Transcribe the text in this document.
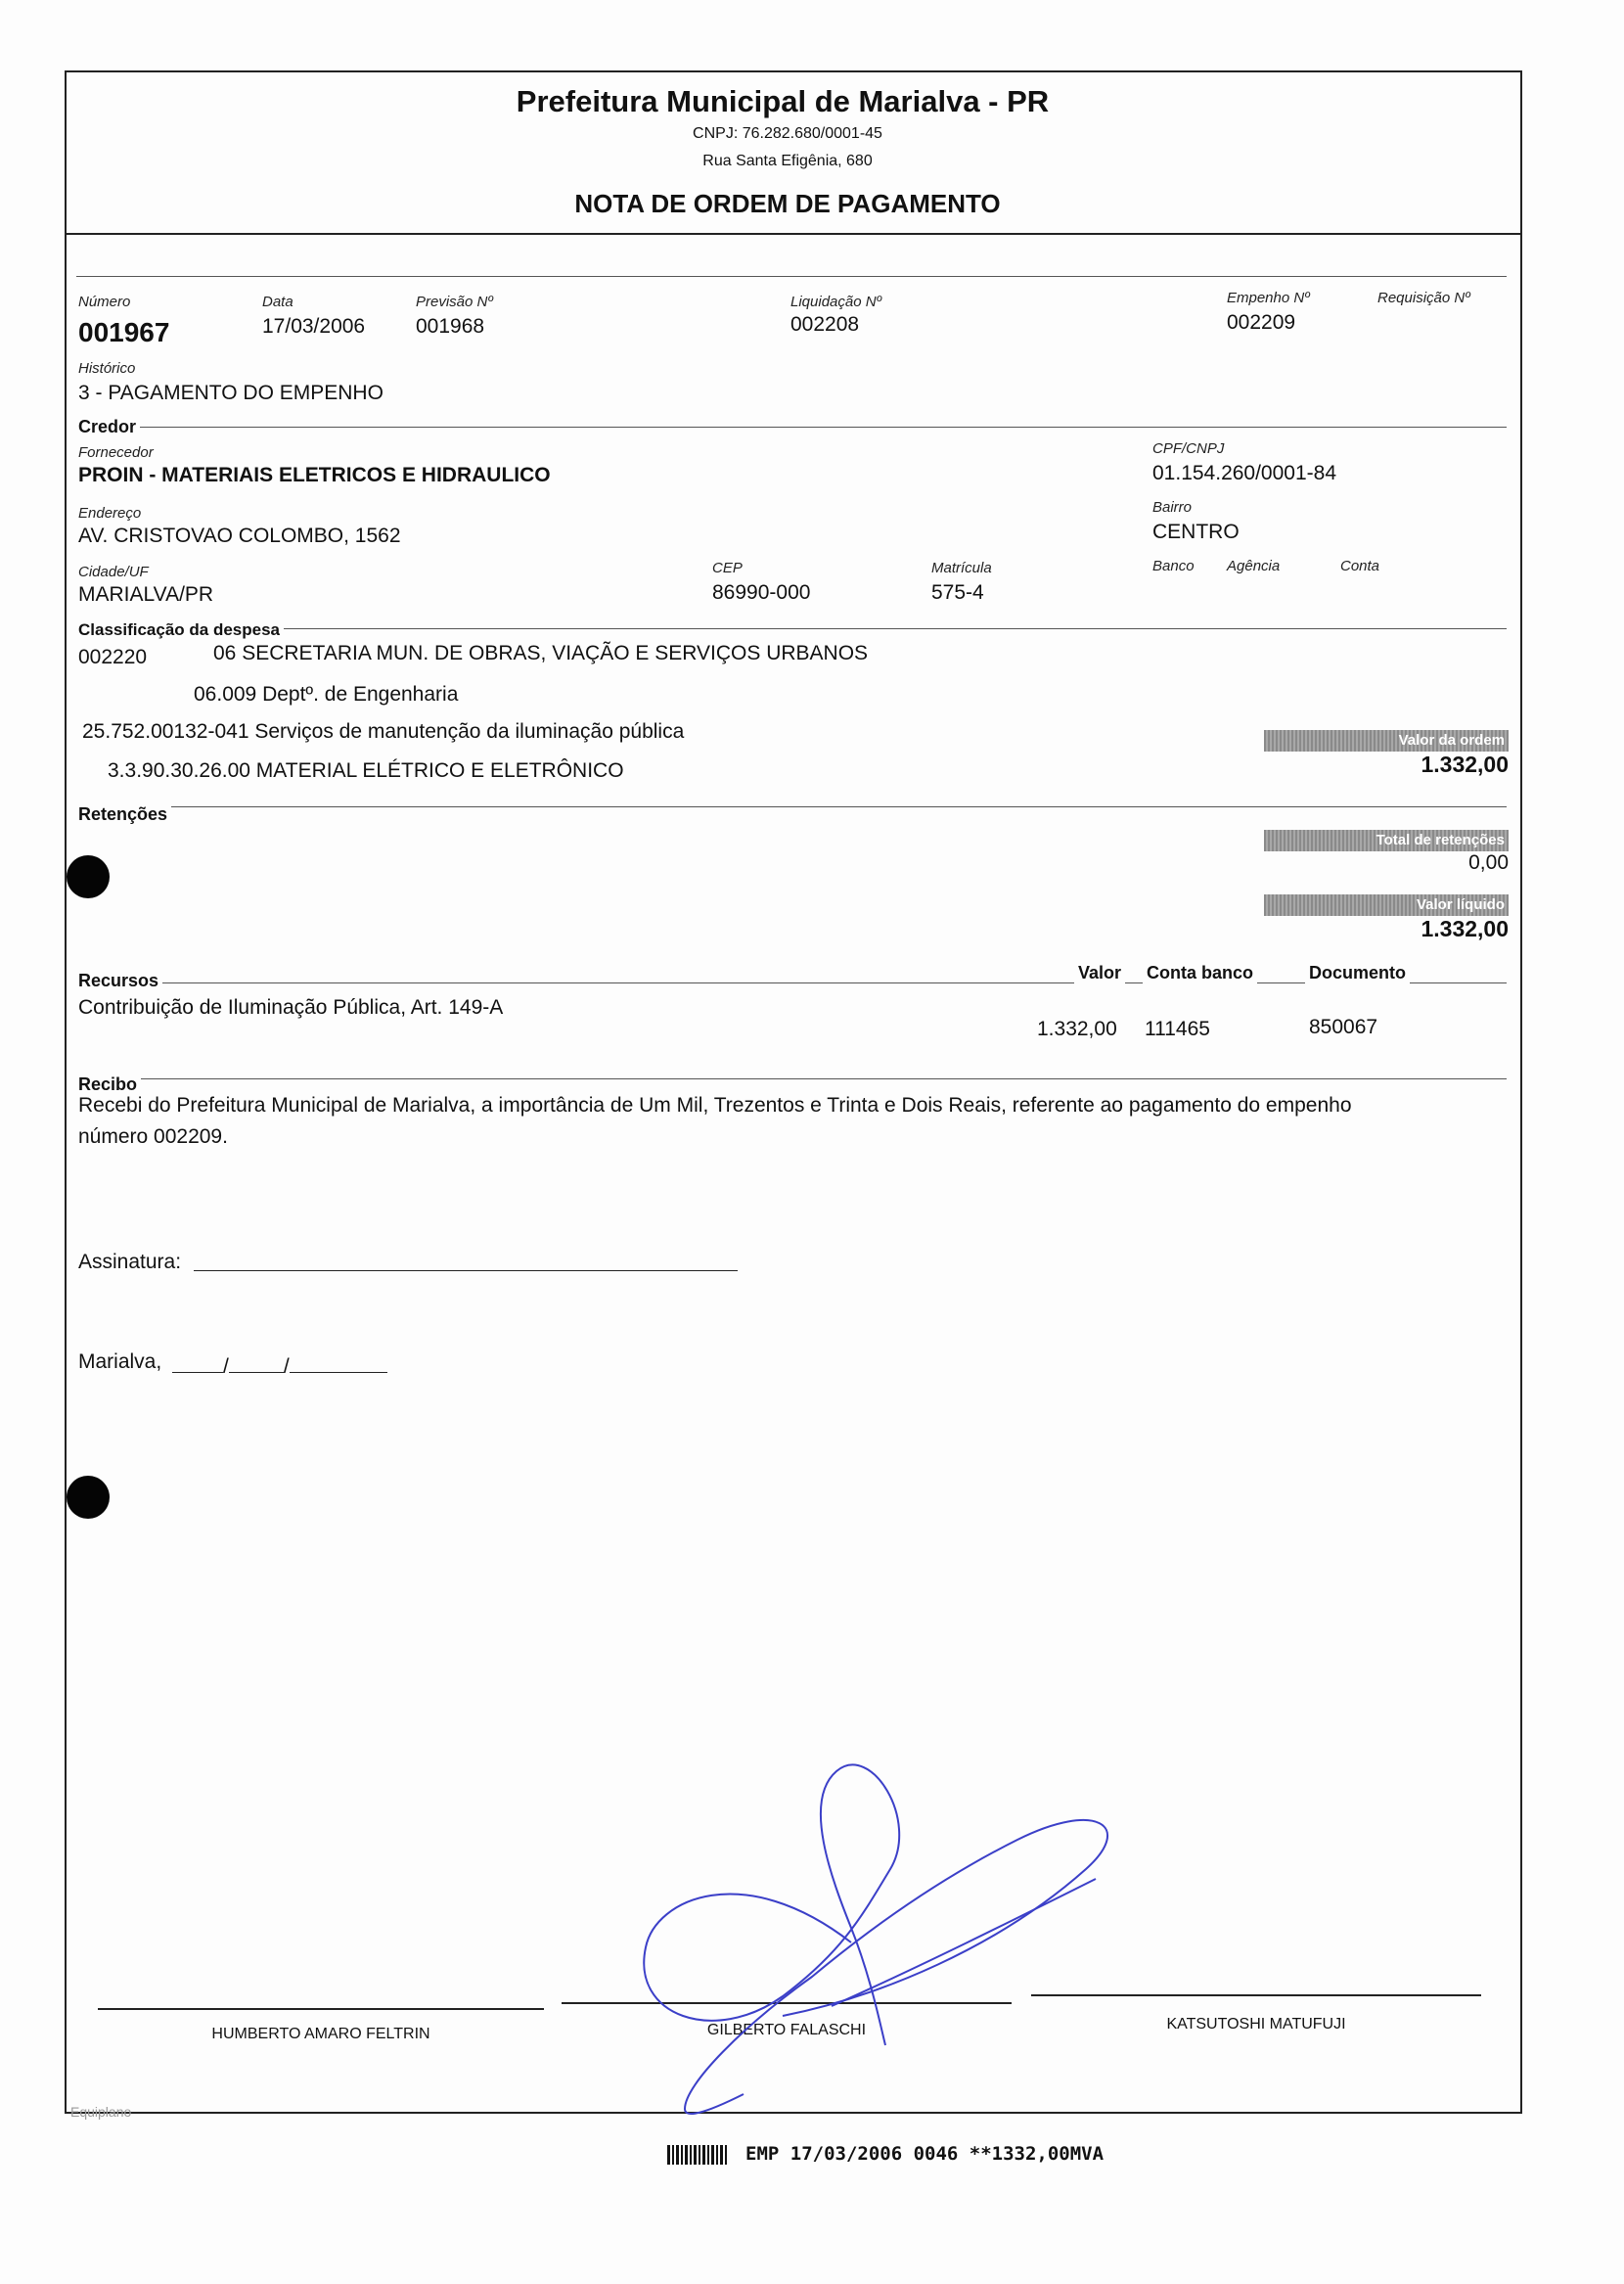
Prefeitura Municipal de Marialva - PR
CNPJ: 76.282.680/0001-45
Rua Santa Efigênia, 680
NOTA DE ORDEM DE PAGAMENTO
Número
001967
Data
17/03/2006
Previsão Nº
001968
Liquidação Nº
002208
Empenho Nº
002209
Requisição Nº
Histórico
3 - PAGAMENTO DO EMPENHO
Credor
Fornecedor
PROIN - MATERIAIS ELETRICOS E HIDRAULICO
CPF/CNPJ
01.154.260/0001-84
Endereço
AV. CRISTOVAO COLOMBO, 1562
Bairro
CENTRO
Cidade/UF
MARIALVA/PR
CEP
86990-000
Matrícula
575-4
Banco Agência	Conta
Classificação da despesa
002220	06 SECRETARIA MUN. DE OBRAS, VIAÇÃO E SERVIÇOS URBANOS
06.009 Deptº. de Engenharia
25.752.00132-041 Serviços de manutenção da iluminação pública
3.3.90.30.26.00 MATERIAL ELÉTRICO E ELETRÔNICO
Valor da ordem
1.332,00
Retenções
Total de retenções
0,00
Valor líquido
1.332,00
Recursos	Valor Conta banco	Documento
Contribuição de Iluminação Pública, Art. 149-A
1.332,00 111465	850067
Recibo
Recebi do Prefeitura Municipal de Marialva, a importância de Um Mil, Trezentos e Trinta e Dois Reais, referente ao pagamento do empenho
número 002209.
Assinatura:
Marialva,	/	/
HUMBERTO AMARO FELTRIN	GILBERTO FALASCHI	KATSUTOSHI MATUFUJI
Equiplano
EMP 17/03/2006 0046 **1332,00MVA
